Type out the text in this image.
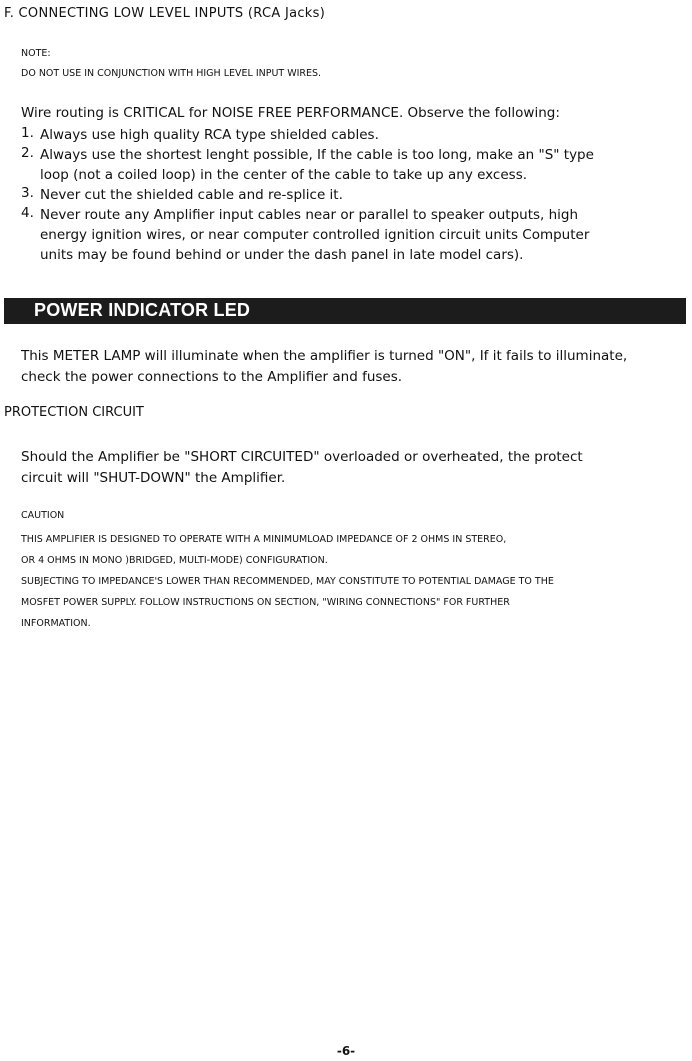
F. CONNECTING LOW LEVEL INPUTS (RCA Jacks)
NOTE:
DO NOT USE IN CONJUNCTION WITH HIGH LEVEL INPUT WIRES.
Wire routing is CRITICAL for NOISE FREE PERFORMANCE. Observe the following:
1. Always use high quality RCA type shielded cables.
2. Always use the shortest lenght possible, If the cable is too long, make an "S" type
loop (not a coiled loop) in the center of the cable to take up any excess.
3. Never cut the shielded cable and re-splice it.
4. Never route any Amplifier input cables near or parallel to speaker outputs, high
energy ignition wires, or near computer controlled ignition circuit units Computer
units may be found behind or under the dash panel in late model cars).
POWER INDICATOR LED
This METER LAMP will illuminate when the amplifier is turned "ON", If it fails to illuminate,
check the power connections to the Amplifier and fuses.
PROTECTION CIRCUIT
Should the Amplifier be "SHORT CIRCUITED" overloaded or overheated, the protect
circuit will "SHUT-DOWN" the Amplifier.
CAUTION
THIS AMPLIFIER IS DESIGNED TO OPERATE WITH A MINIMUMLOAD IMPEDANCE OF 2 OHMS IN STEREO,
OR 4 OHMS IN MONO )BRIDGED, MULTI-MODE) CONFIGURATION.
SUBJECTING TO IMPEDANCE'S LOWER THAN RECOMMENDED, MAY CONSTITUTE TO POTENTIAL DAMAGE TO THE
MOSFET POWER SUPPLY. FOLLOW INSTRUCTIONS ON SECTION, "WIRING CONNECTIONS" FOR FURTHER
INFORMATION.
-6-
